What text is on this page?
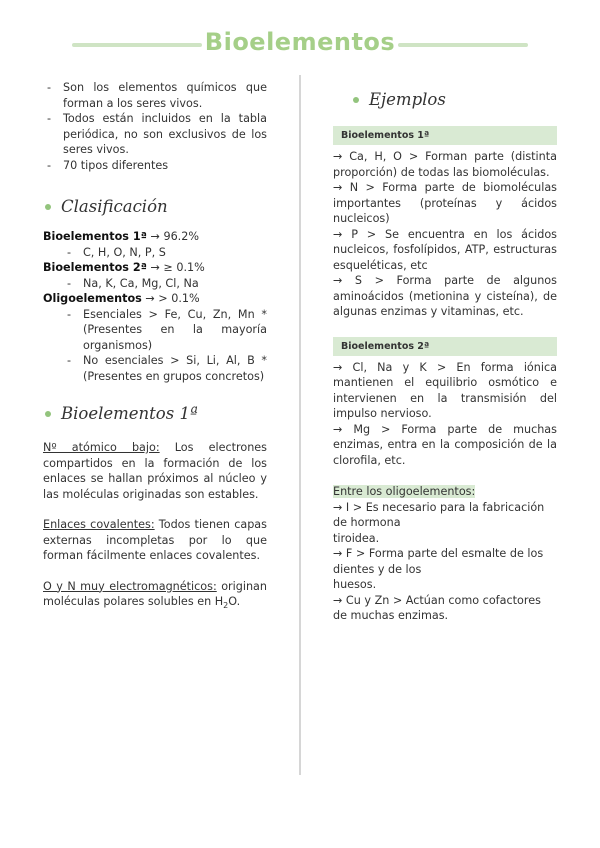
Bioelementos
- Son los elementos químicos que forman a los seres vivos.
- Todos están incluidos en la tabla periódica, no son exclusivos de los seres vivos.
- 70 tipos diferentes
Clasificación

Bioelementos 1ª → 96.2%

- C, H, O, N, P, S

Bioelementos 2ª → ≥ 0.1%

- Na, K, Ca, Mg, Cl, Na

Oligoelementos → > 0.1%

- Esenciales > Fe, Cu, Zn, Mn *(Presentes en la mayoría organismos)
- No esenciales > Si, Li, Al, B *(Presentes en grupos concretos)
Bioelementos 1ª

Nº atómico bajo: Los electrones compartidos en la formación de los enlaces se hallan próximos al núcleo y las moléculas originadas son estables.

Enlaces covalentes: Todos tienen capas externas incompletas por lo que forman fácilmente enlaces covalentes.

O y N muy electromagnéticos: originan moléculas polares solubles en $H_2O$.

Ejemplos
Bioelementos 1ª

→ Ca, H, O > Forman parte (distinta proporción) de todas las biomoléculas.

→ N > Forma parte de biomoléculas importantes (proteínas y ácidos nucleicos)

→ P > Se encuentra en los ácidos nucleicos, fosfolípidos, ATP, estructuras esqueléticas, etc

→ S > Forma parte de algunos aminoácidos (metionina y cisteína), de algunas enzimas y vitaminas, etc.

Bioelementos 2ª

→ Cl, Na y K > En forma iónica mantienen el equilibrio osmótico e intervienen en la transmisión del impulso nervioso.

→ Mg > Forma parte de muchas enzimas, entra en la composición de la clorofila, etc.

Entre los oligoelementos:

→ I > Es necesario para la fabricación de hormona

tiroidea.

→ F > Forma parte del esmalte de los dientes y de los

huesos.

→ Cu y Zn > Actúan como cofactores de muchas enzimas.
